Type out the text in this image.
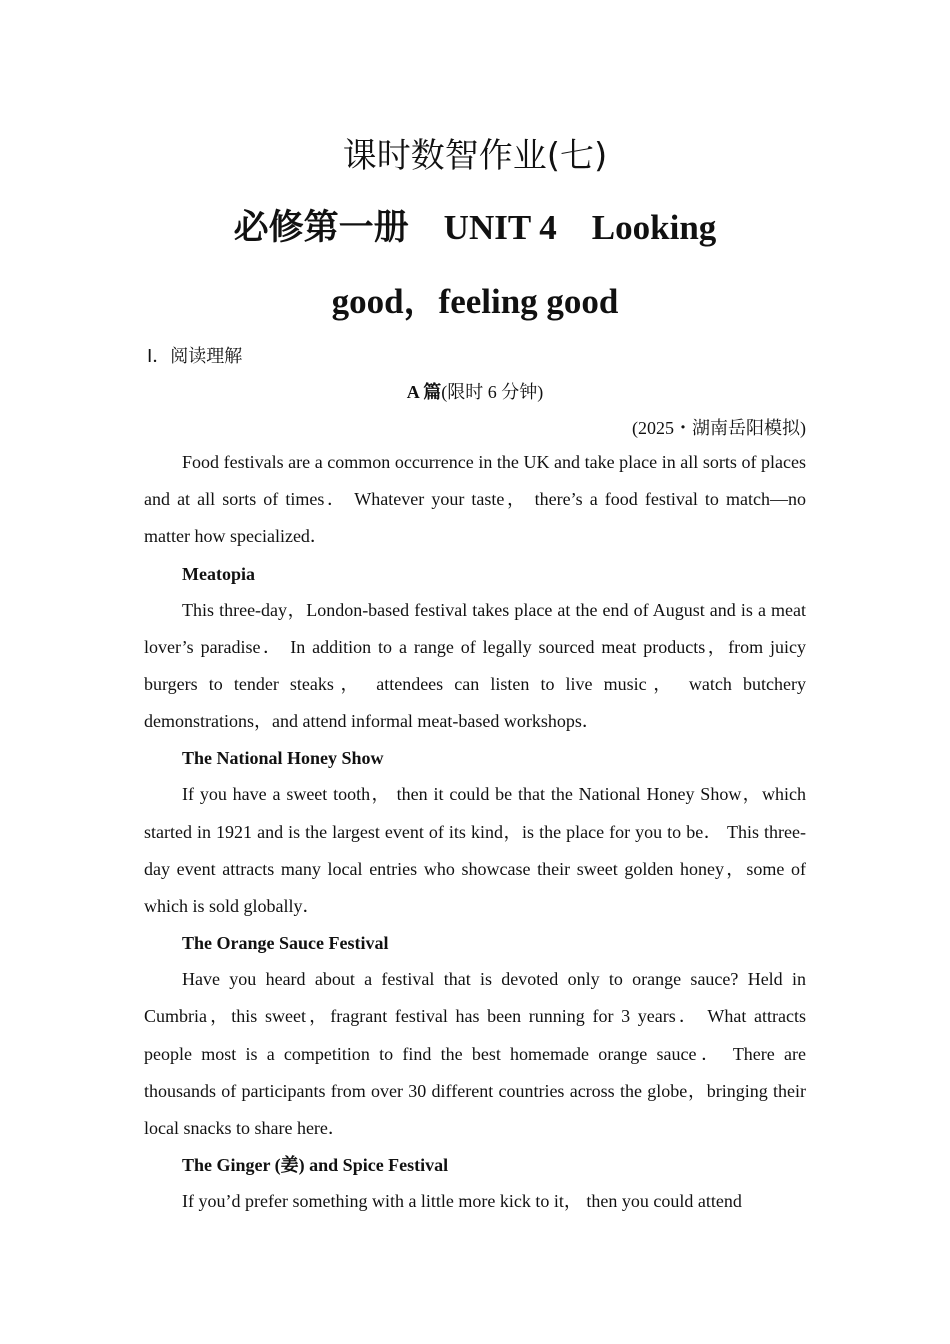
课时数智作业(七)
必修第一册　UNIT 4　Looking
good，feeling good
Ⅰ．阅读理解
A 篇(限时 6 分钟)
(2025・湖南岳阳模拟)

Food festivals are a common occurrence in the UK and take place in all sorts of places and at all sorts of times． Whatever your taste， there’s a food festival to match—no matter how specialized．

Meatopia

This three-day，London-based festival takes place at the end of August and is a meat lover’s paradise． In addition to a range of legally sourced meat products，from juicy burgers to tender steaks， attendees can listen to live music， watch butchery demonstrations，and attend informal meat-based workshops．

The National Honey Show

If you have a sweet tooth， then it could be that the National Honey Show，which started in 1921 and is the largest event of its kind，is the place for you to be． This three-day event attracts many local entries who showcase their sweet golden honey，some of which is sold globally．

The Orange Sauce Festival

Have you heard about a festival that is devoted only to orange sauce? Held in Cumbria，this sweet，fragrant festival has been running for 3 years． What attracts people most is a competition to find the best homemade orange sauce． There are thousands of participants from over 30 different countries across the globe，bringing their local snacks to share here．

The Ginger (姜) and Spice Festival

If you’d prefer something with a little more kick to it， then you could attend
